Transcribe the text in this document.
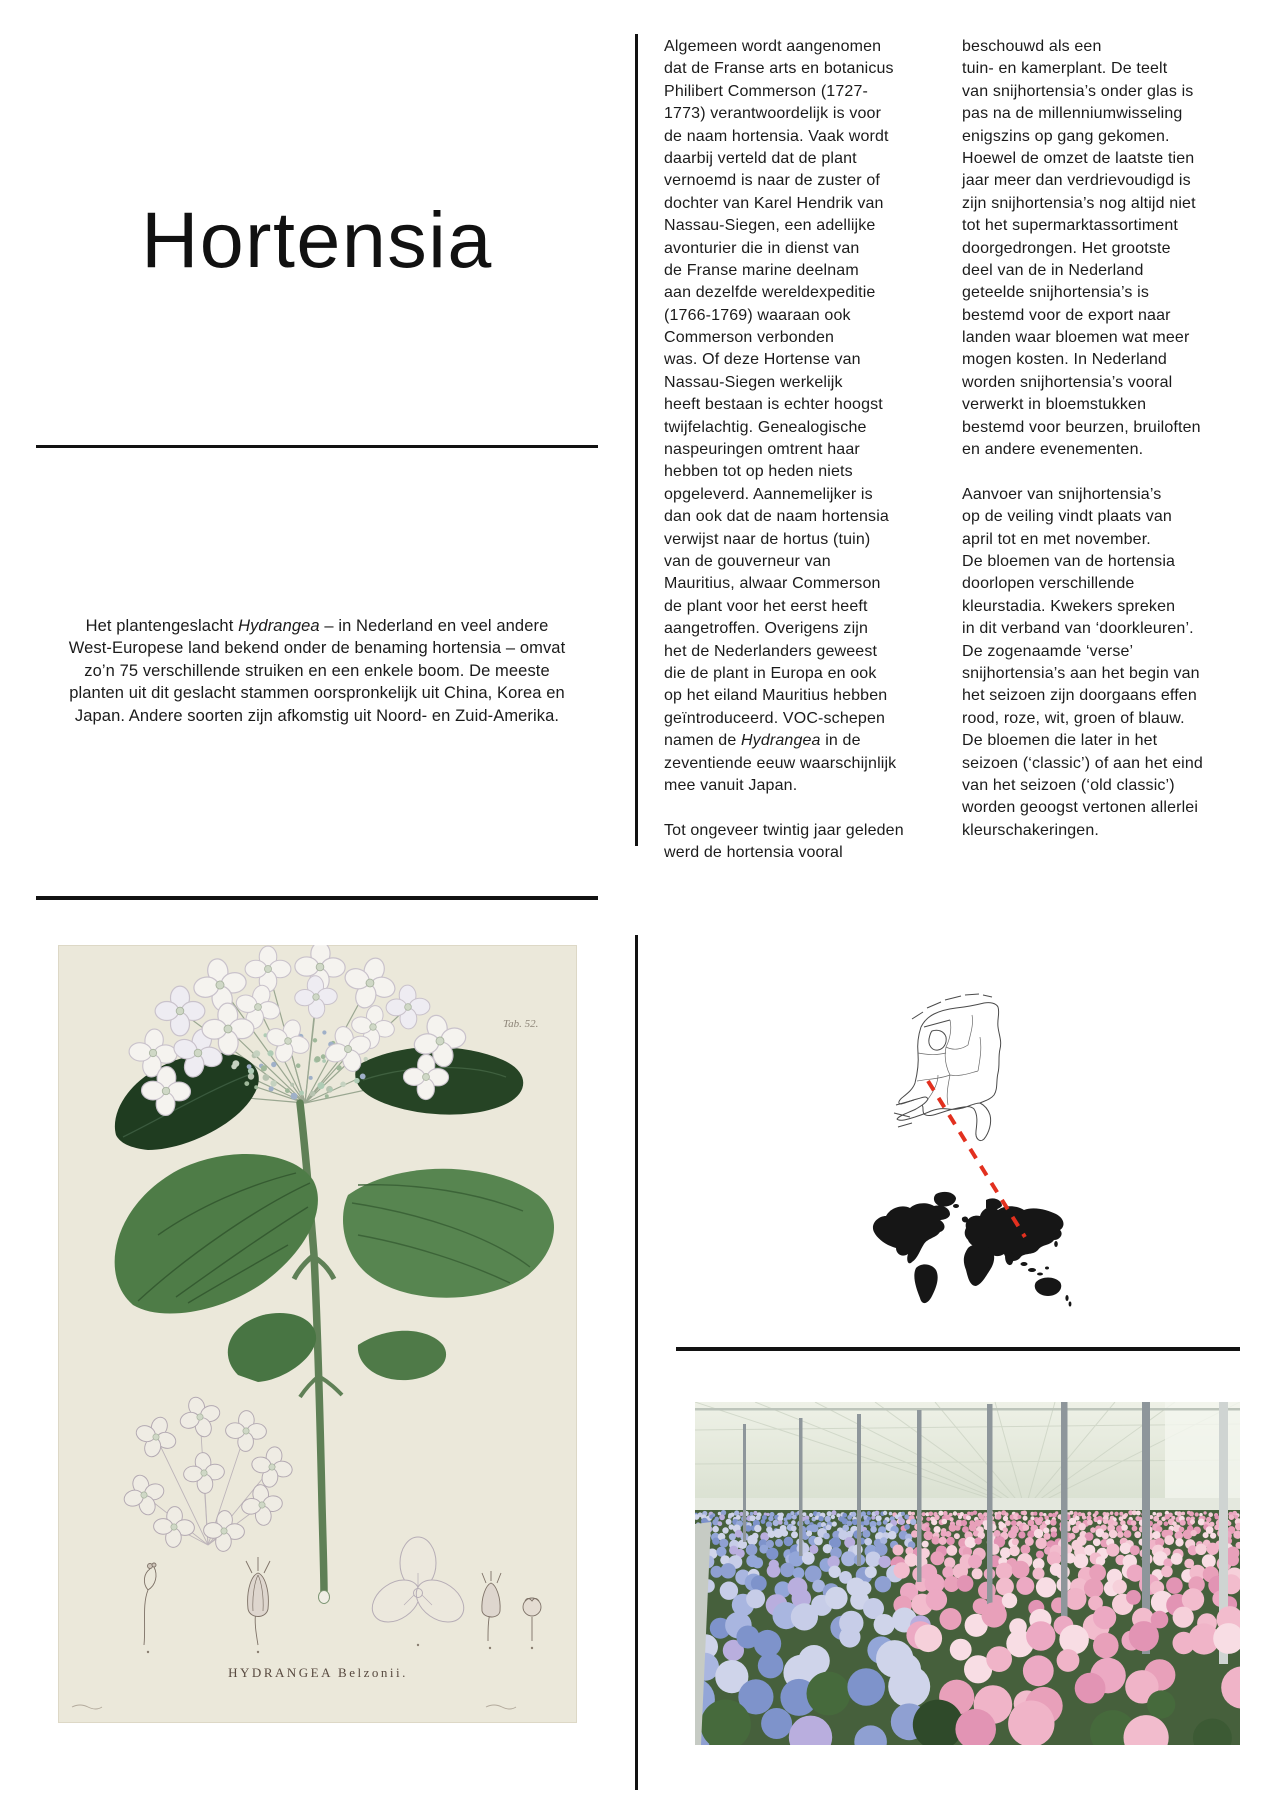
Hortensia
Het plantengeslacht Hydrangea – in Nederland en veel andere
West-Europese land bekend onder de benaming hortensia – omvat
zo’n 75 verschillende struiken en een enkele boom. De meeste
planten uit dit geslacht stammen oorspronkelijk uit China, Korea en
Japan. Andere soorten zijn afkomstig uit Noord- en Zuid-Amerika.
Algemeen wordt aangenomen
dat de Franse arts en botanicus
Philibert Commerson (1727-
1773) verantwoordelijk is voor
de naam hortensia. Vaak wordt
daarbij verteld dat de plant
vernoemd is naar de zuster of
dochter van Karel Hendrik van
Nassau-Siegen, een adellijke
avonturier die in dienst van
de Franse marine deelnam
aan dezelfde wereldexpeditie
(1766-1769) waaraan ook
Commerson verbonden
was. Of deze Hortense van
Nassau-Siegen werkelijk
heeft bestaan is echter hoogst
twijfelachtig. Genealogische
naspeuringen omtrent haar
hebben tot op heden niets
opgeleverd. Aannemelijker is
dan ook dat de naam hortensia
verwijst naar de hortus (tuin)
van de gouverneur van
Mauritius, alwaar Commerson
de plant voor het eerst heeft
aangetroffen. Overigens zijn
het de Nederlanders geweest
die de plant in Europa en ook
op het eiland Mauritius hebben
geïntroduceerd. VOC-schepen
namen de Hydrangea in de
zeventiende eeuw waarschijnlijk
mee vanuit Japan.

Tot ongeveer twintig jaar geleden
werd de hortensia vooral
beschouwd als een
tuin- en kamerplant. De teelt
van snijhortensia’s onder glas is
pas na de millenniumwisseling
enigszins op gang gekomen.
Hoewel de omzet de laatste tien
jaar meer dan verdrievoudigd is
zijn snijhortensia’s nog altijd niet
tot het supermarktassortiment
doorgedrongen. Het grootste
deel van de in Nederland
geteelde snijhortensia’s is
bestemd voor de export naar
landen waar bloemen wat meer
mogen kosten. In Nederland
worden snijhortensia’s vooral
verwerkt in bloemstukken
bestemd voor beurzen, bruiloften
en andere evenementen.

Aanvoer van snijhortensia’s
op de veiling vindt plaats van
april tot en met november.
De bloemen van de hortensia
doorlopen verschillende
kleurstadia. Kwekers spreken
in dit verband van ‘doorkleuren’.
De zogenaamde ‘verse’
snijhortensia’s aan het begin van
het seizoen zijn doorgaans effen
rood, roze, wit, groen of blauw.
De bloemen die later in het
seizoen (‘classic’) of aan het eind
van het seizoen (‘old classic’)
worden geoogst vertonen allerlei
kleurschakeringen.
Tab. 52.
HYDRANGEA Belzonii.
